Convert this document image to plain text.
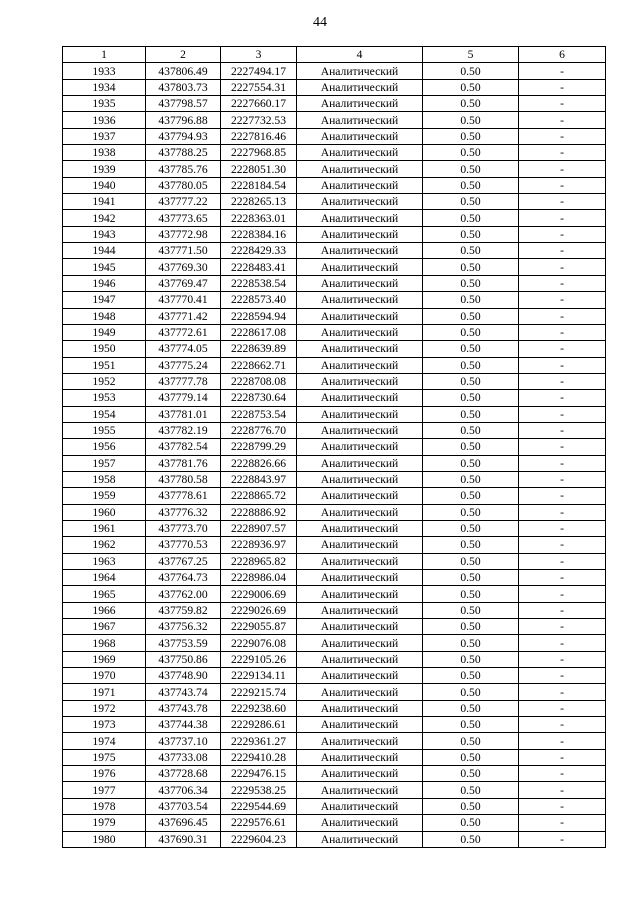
44
1	2	3	4	5	6
1933	437806.49	2227494.17	Аналитический	0.50	-
1934	437803.73	2227554.31	Аналитический	0.50	-
1935	437798.57	2227660.17	Аналитический	0.50	-
1936	437796.88	2227732.53	Аналитический	0.50	-
1937	437794.93	2227816.46	Аналитический	0.50	-
1938	437788.25	2227968.85	Аналитический	0.50	-
1939	437785.76	2228051.30	Аналитический	0.50	-
1940	437780.05	2228184.54	Аналитический	0.50	-
1941	437777.22	2228265.13	Аналитический	0.50	-
1942	437773.65	2228363.01	Аналитический	0.50	-
1943	437772.98	2228384.16	Аналитический	0.50	-
1944	437771.50	2228429.33	Аналитический	0.50	-
1945	437769.30	2228483.41	Аналитический	0.50	-
1946	437769.47	2228538.54	Аналитический	0.50	-
1947	437770.41	2228573.40	Аналитический	0.50	-
1948	437771.42	2228594.94	Аналитический	0.50	-
1949	437772.61	2228617.08	Аналитический	0.50	-
1950	437774.05	2228639.89	Аналитический	0.50	-
1951	437775.24	2228662.71	Аналитический	0.50	-
1952	437777.78	2228708.08	Аналитический	0.50	-
1953	437779.14	2228730.64	Аналитический	0.50	-
1954	437781.01	2228753.54	Аналитический	0.50	-
1955	437782.19	2228776.70	Аналитический	0.50	-
1956	437782.54	2228799.29	Аналитический	0.50	-
1957	437781.76	2228826.66	Аналитический	0.50	-
1958	437780.58	2228843.97	Аналитический	0.50	-
1959	437778.61	2228865.72	Аналитический	0.50	-
1960	437776.32	2228886.92	Аналитический	0.50	-
1961	437773.70	2228907.57	Аналитический	0.50	-
1962	437770.53	2228936.97	Аналитический	0.50	-
1963	437767.25	2228965.82	Аналитический	0.50	-
1964	437764.73	2228986.04	Аналитический	0.50	-
1965	437762.00	2229006.69	Аналитический	0.50	-
1966	437759.82	2229026.69	Аналитический	0.50	-
1967	437756.32	2229055.87	Аналитический	0.50	-
1968	437753.59	2229076.08	Аналитический	0.50	-
1969	437750.86	2229105.26	Аналитический	0.50	-
1970	437748.90	2229134.11	Аналитический	0.50	-
1971	437743.74	2229215.74	Аналитический	0.50	-
1972	437743.78	2229238.60	Аналитический	0.50	-
1973	437744.38	2229286.61	Аналитический	0.50	-
1974	437737.10	2229361.27	Аналитический	0.50	-
1975	437733.08	2229410.28	Аналитический	0.50	-
1976	437728.68	2229476.15	Аналитический	0.50	-
1977	437706.34	2229538.25	Аналитический	0.50	-
1978	437703.54	2229544.69	Аналитический	0.50	-
1979	437696.45	2229576.61	Аналитический	0.50	-
1980	437690.31	2229604.23	Аналитический	0.50	-
